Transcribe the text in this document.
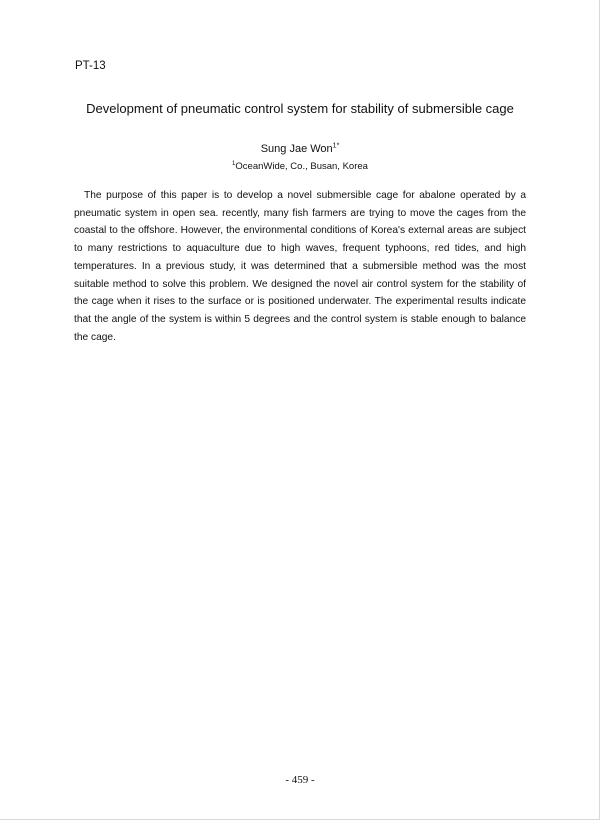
PT-13
Development of pneumatic control system for stability of submersible cage
Sung Jae Won$^{1*}$
$^1$OceanWide, Co., Busan, Korea

The purpose of this paper is to develop a novel submersible cage for abalone operated by a pneumatic system in open sea. recently, many fish farmers are trying to move the cages from the coastal to the offshore. However, the environmental conditions of Korea's external areas are subject to many restrictions to aquaculture due to high waves, frequent typhoons, red tides, and high temperatures. In a previous study, it was determined that a submersible method was the most suitable method to solve this problem. We designed the novel air control system for the stability of the cage when it rises to the surface or is positioned underwater. The experimental results indicate that the angle of the system is within 5 degrees and the control system is stable enough to balance the cage.

- 459 -
